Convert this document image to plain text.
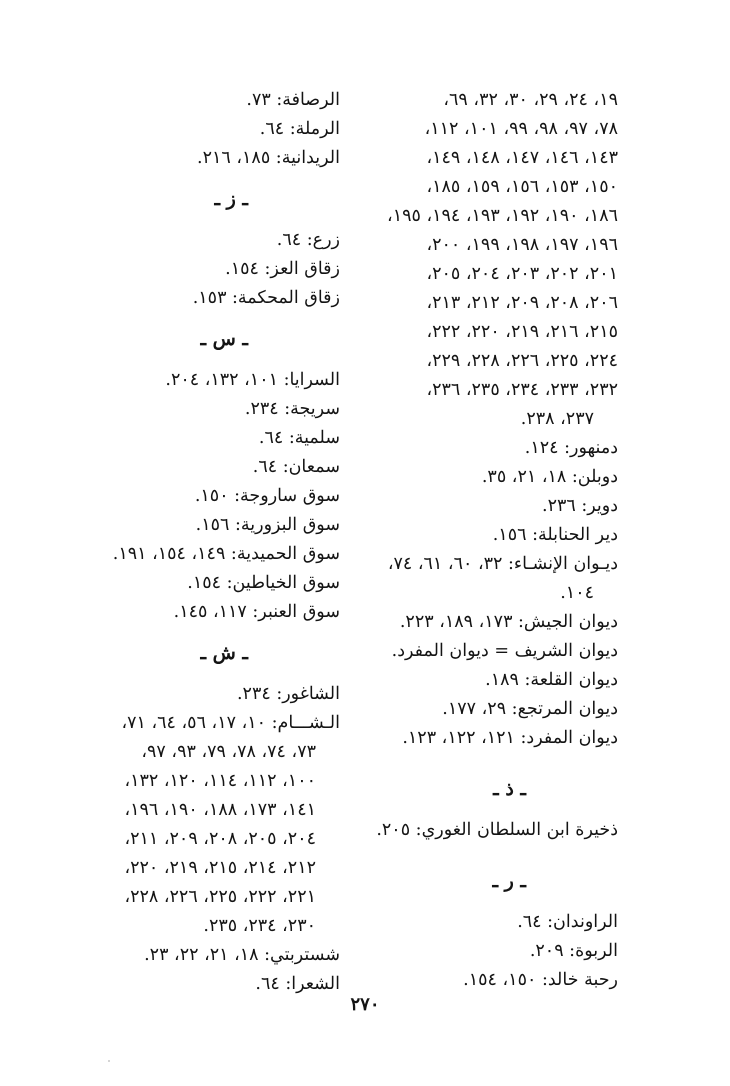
١٩، ٢٤، ٢٩، ٣٠، ٣٢، ٦٩،
٧٨، ٩٧، ٩٨، ٩٩، ١٠١، ١١٢،
١٤٣، ١٤٦، ١٤٧، ١٤٨، ١٤٩،
١٥٠، ١٥٣، ١٥٦، ١٥٩، ١٨٥،
١٨٦، ١٩٠، ١٩٢، ١٩٣، ١٩٤، ١٩٥،
١٩٦، ١٩٧، ١٩٨، ١٩٩، ٢٠٠،
٢٠١، ٢٠٢، ٢٠٣، ٢٠٤، ٢٠٥،
٢٠٦، ٢٠٨، ٢٠٩، ٢١٢، ٢١٣،
٢١٥، ٢١٦، ٢١٩، ٢٢٠، ٢٢٢،
٢٢٤، ٢٢٥، ٢٢٦، ٢٢٨، ٢٢٩،
٢٣٢، ٢٣٣، ٢٣٤، ٢٣٥، ٢٣٦،
٢٣٧، ٢٣٨.
دمنهور: ١٢٤.
دوبلن: ١٨، ٢١، ٣٥.
دوير: ٢٣٦.
دير الحنابلة: ١٥٦.
ديـوان الإنشـاء: ٣٢، ٦٠، ٦١، ٧٤،
١٠٤.
ديوان الجيش: ١٧٣، ١٨٩، ٢٢٣.
ديوان الشريف = ديوان المفرد.
ديوان القلعة: ١٨٩.
ديوان المرتجع: ٢٩، ١٧٧.
ديوان المفرد: ١٢١، ١٢٢، ١٢٣.
ـ ذ ـ
ذخيرة ابن السلطان الغوري: ٢٠٥.
ـ ر ـ
الراوندان: ٦٤.
الربوة: ٢٠٩.
رحبة خالد: ١٥٠، ١٥٤.
الرصافة: ٧٣.
الرملة: ٦٤.
الريدانية: ١٨٥، ٢١٦.
ـ ز ـ
زرع: ٦٤.
زقاق العز: ١٥٤.
زقاق المحكمة: ١٥٣.
ـ س ـ
السرايا: ١٠١، ١٣٢، ٢٠٤.
سريجة: ٢٣٤.
سلمية: ٦٤.
سمعان: ٦٤.
سوق ساروجة: ١٥٠.
سوق البزورية: ١٥٦.
سوق الحميدية: ١٤٩، ١٥٤، ١٩١.
سوق الخياطين: ١٥٤.
سوق العنبر: ١١٧، ١٤٥.
ـ ش ـ
الشاغور: ٢٣٤.
الـشـــام: ١٠، ١٧، ٥٦، ٦٤، ٧١،
٧٣، ٧٤، ٧٨، ٧٩، ٩٣، ٩٧،
١٠٠، ١١٢، ١١٤، ١٢٠، ١٣٢،
١٤١، ١٧٣، ١٨٨، ١٩٠، ١٩٦،
٢٠٤، ٢٠٥، ٢٠٨، ٢٠٩، ٢١١،
٢١٢، ٢١٤، ٢١٥، ٢١٩، ٢٢٠،
٢٢١، ٢٢٢، ٢٢٥، ٢٢٦، ٢٢٨،
٢٣٠، ٢٣٤، ٢٣٥.
شستربتي: ١٨، ٢١، ٢٢، ٢٣.
الشعرا: ٦٤.
٢٧٠
